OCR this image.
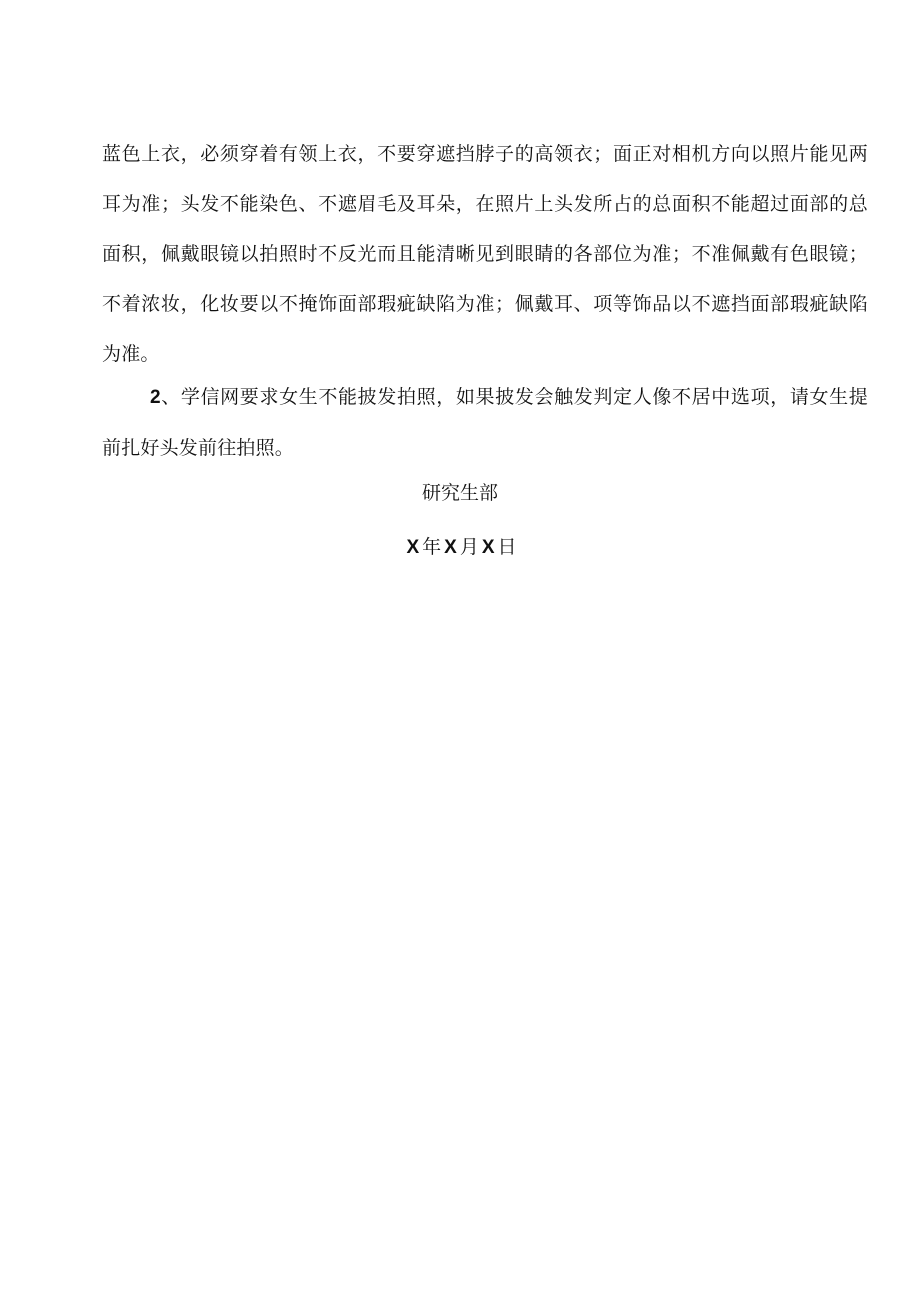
蓝色上衣，必须穿着有领上衣，不要穿遮挡脖子的高领衣；面正对相机方向以照片能见两耳为准；头发不能染色、不遮眉毛及耳朵，在照片上头发所占的总面积不能超过面部的总面积，佩戴眼镜以拍照时不反光而且能清晰见到眼睛的各部位为准；不准佩戴有色眼镜；不着浓妆，化妆要以不掩饰面部瑕疵缺陷为准；佩戴耳、项等饰品以不遮挡面部瑕疵缺陷为准。

2、学信网要求女生不能披发拍照，如果披发会触发判定人像不居中选项，请女生提前扎好头发前往拍照。

研究生部
X 年 X 月 X 日
